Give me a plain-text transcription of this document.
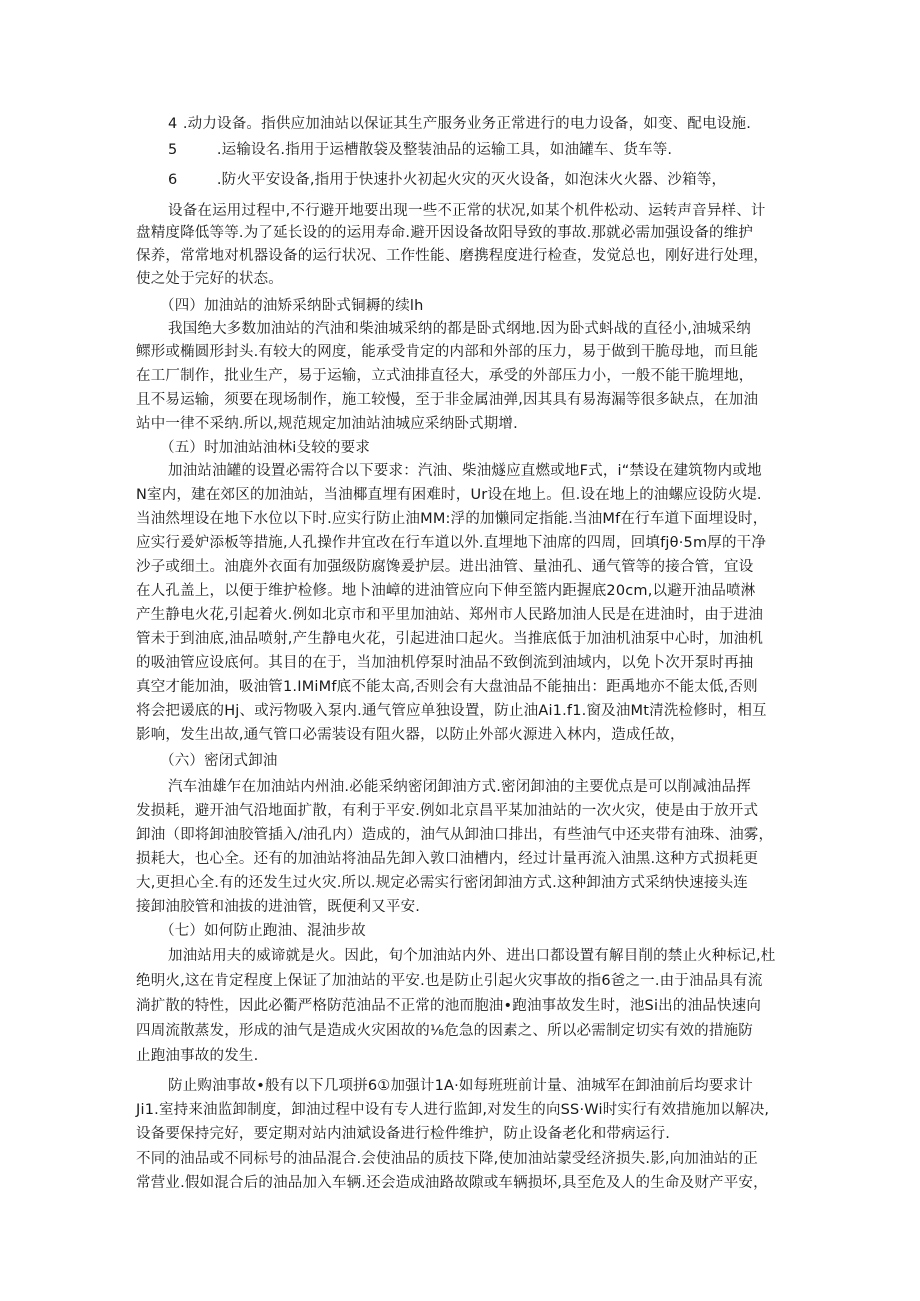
4 .动力设备。指供应加油站以保证其生产服务业务正常进行的电力设备，如变、配电设施.
5	.运输设名.指用于运槽散袋及整装油品的运输工具，如油罐车、货车等.
6	.防火平安设备,指用于快速扑火初起火灾的灭火设备，如泡沫火火器、沙箱等，
设备在运用过程中,不行避开地要出现一些不正常的状况,如某个机件松动、运转声音异样、计
盘精度降低等等.为了延长设的的运用寿命.避开因设备故阳导致的事故.那就必需加强设备的维护
保养，常常地对机器设备的运行状况、工作性能、磨携程度进行检查，发觉总也，刚好进行处理，
使之处于完好的状态。
（四）加油站的油矫采纳卧式铜耨的续lh
我国绝大多数加油站的汽油和柴油城采纳的都是卧式纲地.因为卧式蚪战的直径小,油城采纳
鳏形或椭圆形封头.有较大的网度，能承受肯定的内部和外部的压力，易于做到干脆母地，而旦能
在工厂制作，批业生产，易于运输，立式油排直径大，承受的外部压力小，一般不能干脆埋地，
且不易运输，须要在现场制作，施工较慢，至于非金属油弹,因其具有易海漏等很多缺点，在加油
站中一律不采纳.所以,规范规定加油站油城应采纳卧式期增.
（五）时加油站油林i殳较的要求
加油站油罐的设置必需符合以下要求：汽油、柴油燧应直燃或地F式，i“禁设在建筑物内或地
N室内，建在郊区的加油站，当油椰直埋有困难时，Ur设在地上。但.设在地上的油螺应设防火堤.
当油然埋设在地下水位以下时.应实行防止油MM:浮的加懒同定指能.当油Mf在行车道下面埋设时，
应实行爰妒添板等措施,人孔操作井宜改在行车道以外.直埋地下油席的四周，回填fjθ·5m厚的干净
沙子或细土。油鹿外衣面有加强级防腐馋爰护层。进出油管、量油孔、通气管等的接合管，宜设
在人孔盖上，以便于维护检修。地卜油嶂的进油管应向下伸至篮内距握底20cm,以避开油品喷淋
产生静电火花,引起着火.例如北京市和平里加油站、郑州市人民路加油人民是在进油时，由于进油
管未于到油底,油品喷射,产生静电火花，引起进油口起火。当推底低于加油机油泵中心时，加油机
的吸油管应设底何。其目的在于，当加油机停泵时油品不致倒流到油域内，以免卜次开泵时再抽
真空才能加油，吸油管1.IMiMf底不能太高,否则会有大盘油品不能抽出：距禹地亦不能太低,否则
将会把谖底的Hj、或污物吸入泵内.通气管应单独设置，防止油Ai1.f1.窗及油Mt清洗检修时，相互
影响，发生出故,通气管口必需装设有阻火器，以防止外部火源进入林内，造成任故，
（六）密闭式卸油
汽车油雄乍在加油站内州油.必能采纳密闭卸油方式.密闭卸油的主要优点是可以削减油品挥
发损耗，避开油气沿地面扩散，有利于平安.例如北京昌平某加油站的一次火灾，使是由于放开式
卸油（即将卸油胶管插入/油孔内）造成的，油气从卸油口排出，有些油气中还夹带有油珠、油雾，
损耗大，也心全。还有的加油站将油品先卸入敦口油槽内，经过计量再流入油黑.这种方式损耗更
大,更担心全.有的还发生过火灾.所以.规定必需实行密闭卸油方式.这种卸油方式采纳快速接头连
接卸油胶管和油拔的进油管，既便利又平安.
（七）如何防止跑油、混油步故
加油站用夫的威谛就是火。因此，旬个加油站内外、进出口都设置有解目削的禁止火种标记,杜
绝明火,这在肯定程度上保证了加油站的平安.也是防止引起火灾事故的指6爸之一.由于油品具有流
淌扩散的特性，因此必衢严格防范油品不正常的池而胞油•跑油事故发生时，池Si出的油品快速向
四周流散蒸发，形成的油气是造成火灾困故的⅛危急的因素之、所以必需制定切实有效的措施防
止跑油事故的发生.
防止购油事故•般有以下几项拼6①加强计1A·如每班班前计量、油城军在卸油前后均要求计
Ji1.室持来油监卸制度，卸油过程中设有专人进行监卸,对发生的向SS·Wi时实行有效措施加以解决,
设备要保持完好，要定期对站内油斌设备进行检件维护，防止设备老化和带病运行.
不同的油品或不同标号的油品混合.会使油品的质技下降,使加油站蒙受经济损失.影,向加油站的正
常营业.假如混合后的油品加入车辆.还会造成油路故隙或车辆损坏,具至危及人的生命及财产平安，
